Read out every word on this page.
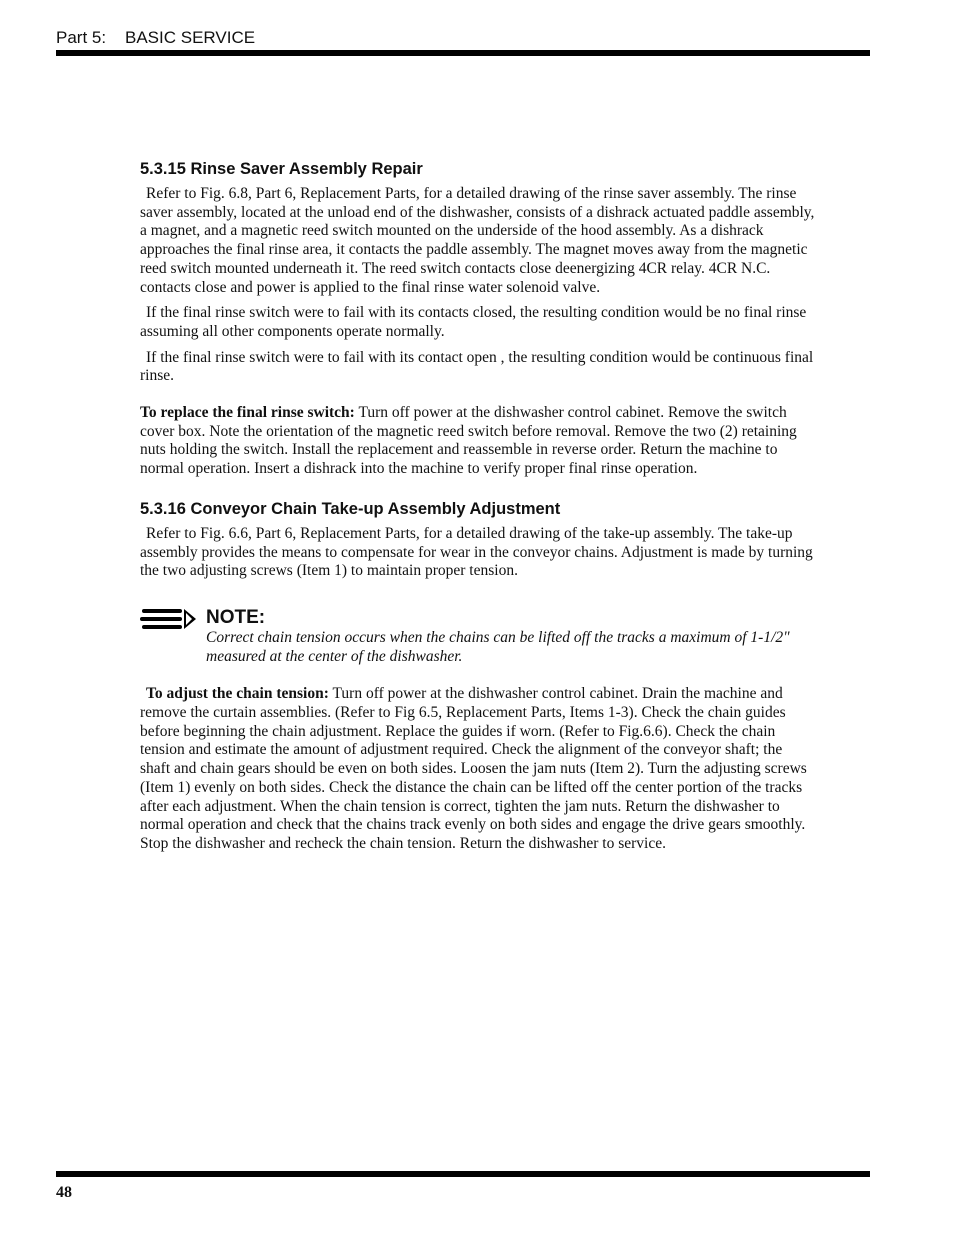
Part 5: BASIC SERVICE
5.3.15 Rinse Saver Assembly Repair

Refer to Fig. 6.8, Part 6, Replacement Parts, for a detailed drawing of the rinse saver assembly. The rinse saver assembly, located at the unload end of the dishwasher, consists of a dishrack actuated paddle assembly, a magnet, and a magnetic reed switch mounted on the underside of the hood assembly. As a dishrack approaches the final rinse area, it contacts the paddle assembly. The magnet moves away from the magnetic reed switch mounted underneath it. The reed switch contacts close deenergizing 4CR relay. 4CR N.C. contacts close and power is applied to the final rinse water solenoid valve.

If the final rinse switch were to fail with its contacts closed, the resulting condition would be no final rinse assuming all other components operate normally.

If the final rinse switch were to fail with its contact open , the resulting condition would be continuous final rinse.

To replace the final rinse switch: Turn off power at the dishwasher control cabinet. Remove the switch cover box. Note the orientation of the magnetic reed switch before removal. Remove the two (2) retaining nuts holding the switch. Install the replacement and reassemble in reverse order. Return the machine to normal operation. Insert a dishrack into the machine to verify proper final rinse operation.

5.3.16 Conveyor Chain Take-up Assembly Adjustment

Refer to Fig. 6.6, Part 6, Replacement Parts, for a detailed drawing of the take-up assembly. The take-up assembly provides the means to compensate for wear in the conveyor chains. Adjustment is made by turning the two adjusting screws (Item 1) to maintain proper tension.

NOTE:
Correct chain tension occurs when the chains can be lifted off the tracks a maximum of 1-1/2" measured at the center of the dishwasher.

To adjust the chain tension: Turn off power at the dishwasher control cabinet. Drain the machine and remove the curtain assemblies. (Refer to Fig 6.5, Replacement Parts, Items 1-3). Check the chain guides before beginning the chain adjustment. Replace the guides if worn. (Refer to Fig.6.6). Check the chain tension and estimate the amount of adjustment required. Check the alignment of the conveyor shaft; the shaft and chain gears should be even on both sides. Loosen the jam nuts (Item 2). Turn the adjusting screws (Item 1) evenly on both sides. Check the distance the chain can be lifted off the center portion of the tracks after each adjustment. When the chain tension is correct, tighten the jam nuts. Return the dishwasher to normal operation and check that the chains track evenly on both sides and engage the drive gears smoothly. Stop the dishwasher and recheck the chain tension. Return the dishwasher to service.

48
